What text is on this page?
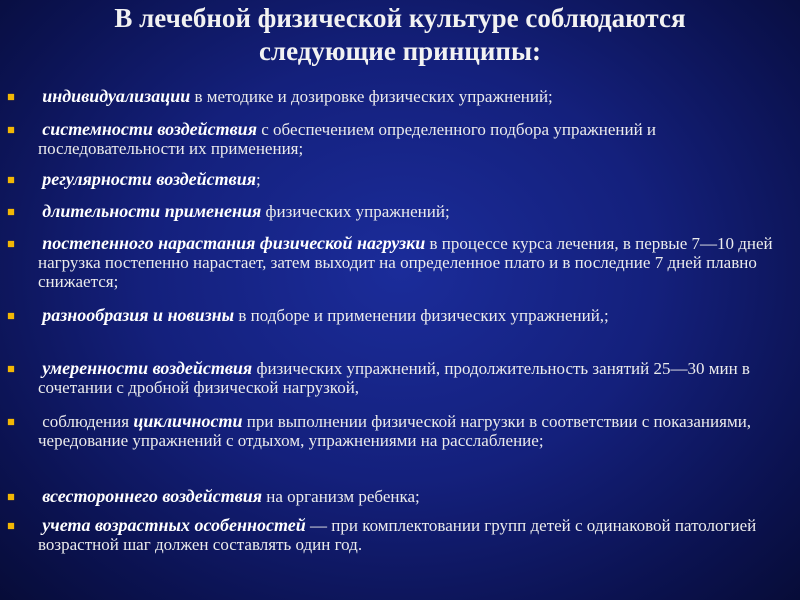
В лечебной физической культуре соблюдаются
следующие принципы:
индивидуализации в методике и дозировке физических упражнений;
системности воздействия с обеспечением определенного подбора упражнений и последовательности их применения;
регулярности воздействия;
длительности применения физических упражнений;
постепенного нарастания физической нагрузки в процессе курса лечения, в первые 7—10 дней нагрузка постепенно нарастает, затем выходит на определенное плато и в последние 7 дней плавно снижается;
разнообразия и новизны в подборе и применении физических упражнений,;
умеренности воздействия физических упражнений, продолжительность занятий 25—30 мин в сочетании с дробной физической нагрузкой,
соблюдения цикличности при выполнении физической нагрузки в соответствии с показаниями, чередование упражнений с отдыхом, упражнениями на расслабление;
всестороннего воздействия на организм ребенка;
учета возрастных особенностей — при комплектовании групп детей с одинаковой патологией возрастной шаг должен составлять один год.
